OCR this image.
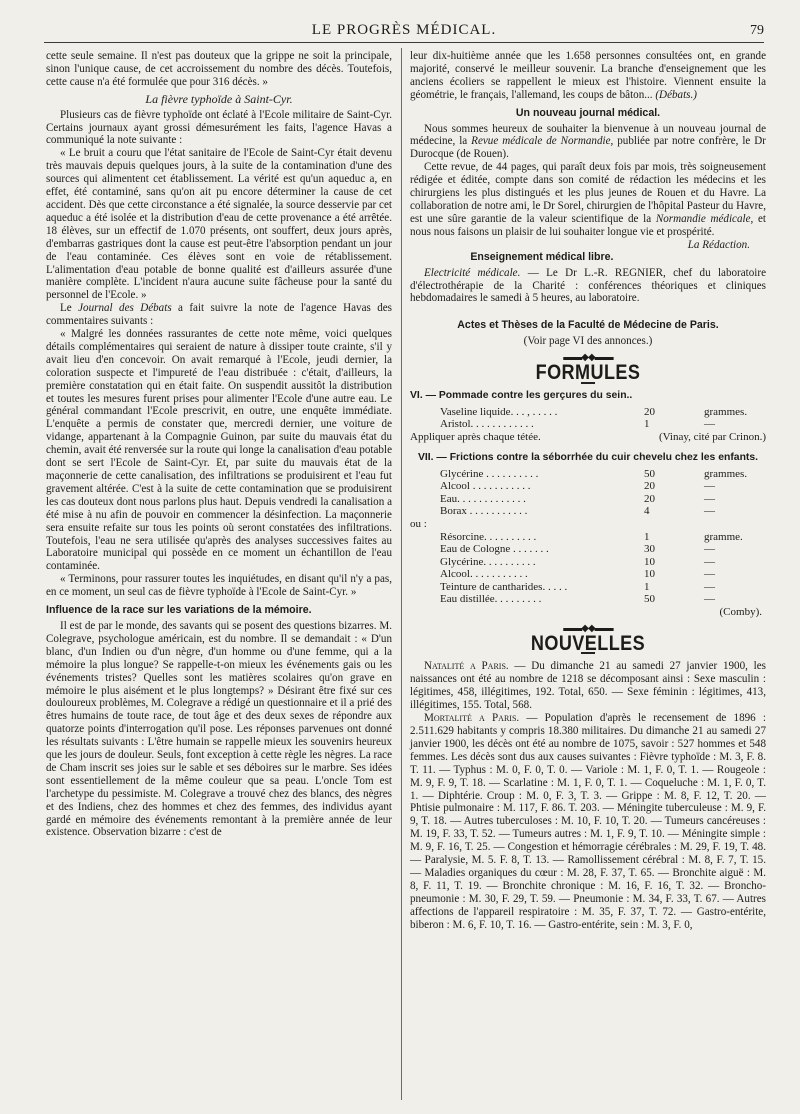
LE PROGRÈS MÉDICAL.	79

cette seule semaine. Il n'est pas douteux que la grippe ne soit la principale, sinon l'unique cause, de cet accroissement du nombre des décès. Toutefois, cette cause n'a été formulée que pour 316 décès. »

La fièvre typhoïde à Saint-Cyr.

Plusieurs cas de fièvre typhoïde ont éclaté à l'Ecole militaire de Saint-Cyr. Certains journaux ayant grossi démesurément les faits, l'agence Havas a communiqué la note suivante :

« Le bruit a couru que l'état sanitaire de l'Ecole de Saint-Cyr était devenu très mauvais depuis quelques jours, à la suite de la contamination d'une des sources qui alimentent cet établissement. La vérité est qu'un aqueduc a, en effet, été contaminé, sans qu'on ait pu encore déterminer la cause de cet accident. Dès que cette circonstance a été signalée, la source desservie par cet aqueduc a été isolée et la distribution d'eau de cette provenance a été arrêtée. 18 élèves, sur un effectif de 1.070 présents, ont souffert, deux jours après, d'embarras gastriques dont la cause est peut-être l'absorption pendant un jour de l'eau contaminée. Ces élèves sont en voie de rétablissement. L'alimentation d'eau potable de bonne qualité est d'ailleurs assurée d'une manière complète. L'incident n'aura aucune suite fâcheuse pour la santé du personnel de l'Ecole. »

Le Journal des Débats a fait suivre la note de l'agence Havas des commentaires suivants :

« Malgré les données rassurantes de cette note même, voici quelques détails complémentaires qui seraient de nature à dissiper toute crainte, s'il y avait lieu d'en concevoir. On avait remarqué à l'Ecole, jeudi dernier, la coloration suspecte et l'impureté de l'eau distribuée : c'était, d'ailleurs, la première constatation qui en était faite. On suspendit aussitôt la distribution et toutes les mesures furent prises pour alimenter l'Ecole d'une autre eau. Le général commandant l'Ecole prescrivit, en outre, une enquête immédiate. L'enquête a permis de constater que, mercredi dernier, une voiture de vidange, appartenant à la Compagnie Guinon, par suite du mauvais état du chemin, avait été renversée sur la route qui longe la canalisation d'eau potable dont se sert l'Ecole de Saint-Cyr. Et, par suite du mauvais état de la maçonnerie de cette canalisation, des infiltrations se produisirent et l'eau fut gravement altérée. C'est à la suite de cette contamination que se produisirent les cas douteux dont nous parlons plus haut. Depuis vendredi la canalisation a été mise à nu afin de pouvoir en commencer la désinfection. La maçonnerie sera ensuite refaite sur tous les points où seront constatées des infiltrations. Toutefois, l'eau ne sera utilisée qu'après des analyses successives faites au Laboratoire municipal qui possède en ce moment un échantillon de l'eau contaminée.

« Terminons, pour rassurer toutes les inquiétudes, en disant qu'il n'y a pas, en ce moment, un seul cas de fièvre typhoïde à l'Ecole de Saint-Cyr. »

Influence de la race sur les variations de la mémoire.

Il est de par le monde, des savants qui se posent des questions bizarres. M. Colegrave, psychologue américain, est du nombre. Il se demandait : « D'un blanc, d'un Indien ou d'un nègre, d'un homme ou d'une femme, qui a la mémoire la plus longue? Se rappelle-t-on mieux les événements gais ou les événements tristes? Quelles sont les matières scolaires qu'on grave en mémoire le plus aisément et le plus longtemps? » Désirant être fixé sur ces douloureux problèmes, M. Colegrave a rédigé un questionnaire et il a prié des êtres humains de toute race, de tout âge et des deux sexes de répondre aux quatorze points d'interrogation qu'il pose. Les réponses parvenues ont donné les résultats suivants : L'être humain se rappelle mieux les souvenirs heureux que les jours de douleur. Seuls, font exception à cette règle les nègres. La race de Cham inscrit ses joies sur le sable et ses déboires sur le marbre. Ses idées sont essentiellement de la même couleur que sa peau. L'oncle Tom est l'archetype du pessimiste. M. Colegrave a trouvé chez des blancs, des nègres et des Indiens, chez des hommes et chez des femmes, des individus ayant gardé en mémoire des événements remontant à la première année de leur existence. Observation bizarre : c'est de

leur dix-huitième année que les 1.658 personnes consultées ont, en grande majorité, conservé le meilleur souvenir. La branche d'enseignement que les anciens écoliers se rappellent le mieux est l'histoire. Viennent ensuite la géométrie, le français, l'allemand, les coups de bâton... (Débats.)

Un nouveau journal médical.

Nous sommes heureux de souhaiter la bienvenue à un nouveau journal de médecine, la Revue médicale de Normandie, publiée par notre confrère, le Dr Durocque (de Rouen).

Cette revue, de 44 pages, qui paraît deux fois par mois, très soigneusement rédigée et éditée, compte dans son comité de rédaction les médecins et les chirurgiens les plus distingués et les plus jeunes de Rouen et du Havre. La collaboration de notre ami, le Dr Sorel, chirurgien de l'hôpital Pasteur du Havre, est une sûre garantie de la valeur scientifique de la Normandie médicale, et nous nous faisons un plaisir de lui souhaiter longue vie et prospérité.
La Rédaction.

Enseignement médical libre.

Electricité médicale. — Le Dr L.-R. REGNIER, chef du laboratoire d'électrothérapie de la Charité : conférences théoriques et cliniques hebdomadaires le samedi à 5 heures, au laboratoire.

Actes et Thèses de la Faculté de Médecine de Paris.
(Voir page VI des annonces.)
▬▬◆◆▬▬
FORMULES
VI. — Pommade contre les gerçures du sein..
Vaseline liquide. . . , . . . . .	20	grammes.
Aristol. . . . . . . . . . . .	1	—
Appliquer après chaque tétée.	(Vinay, cité par Crinon.)
VII. — Frictions contre la séborrhée du cuir chevelu chez les enfants.
Glycérine . . . . . . . . . .	50	grammes.
Alcool . . . . . . . . . . .	20	—
Eau. . . . . . . . . . . . .	20	—
Borax . . . . . . . . . . .	4	—
ou :
Résorcine. . . . . . . . . .	1	gramme.
Eau de Cologne . . . . . . .	30	—
Glycérine. . . . . . . . . .	10	—
Alcool. . . . . . . . . . .	10	—
Teinture de cantharides. . . . .	1	—
Eau distillée. . . . . . . . .	50	—
(Comby).
▬▬◆◆▬▬
NOUVELLES

Natalité a Paris. — Du dimanche 21 au samedi 27 janvier 1900, les naissances ont été au nombre de 1218 se décomposant ainsi : Sexe masculin : légitimes, 458, illégitimes, 192. Total, 650. — Sexe féminin : légitimes, 413, illégitimes, 155. Total, 568.

Mortalité a Paris. — Population d'après le recensement de 1896 : 2.511.629 habitants y compris 18.380 militaires. Du dimanche 21 au samedi 27 janvier 1900, les décès ont été au nombre de 1075, savoir : 527 hommes et 548 femmes. Les décès sont dus aux causes suivantes : Fièvre typhoïde : M. 3, F. 8. T. 11. — Typhus : M. 0, F. 0, T. 0. — Variole : M. 1, F. 0, T. 1. — Rougeole : M. 9, F. 9, T. 18. — Scarlatine : M. 1, F. 0, T. 1. — Coqueluche : M. 1, F. 0, T. 1. — Diphtérie. Croup : M. 0, F. 3, T. 3. — Grippe : M. 8, F. 12, T. 20. — Phtisie pulmonaire : M. 117, F. 86. T. 203. — Méningite tuberculeuse : M. 9, F. 9, T. 18. — Autres tuberculoses : M. 10, F. 10, T. 20. — Tumeurs cancéreuses : M. 19, F. 33, T. 52. — Tumeurs autres : M. 1, F. 9, T. 10. — Méningite simple : M. 9, F. 16, T. 25. — Congestion et hémorragie cérébrales : M. 29, F. 19, T. 48. — Paralysie, M. 5. F. 8, T. 13. — Ramollissement cérébral : M. 8, F. 7, T. 15. — Maladies organiques du cœur : M. 28, F. 37, T. 65. — Bronchite aiguë : M. 8, F. 11, T. 19. — Bronchite chronique : M. 16, F. 16, T. 32. — Broncho-pneumonie : M. 30, F. 29, T. 59. — Pneumonie : M. 34, F. 33, T. 67. — Autres affections de l'appareil respiratoire : M. 35, F. 37, T. 72. — Gastro-entérite, biberon : M. 6, F. 10, T. 16. — Gastro-entérite, sein : M. 3, F. 0,
